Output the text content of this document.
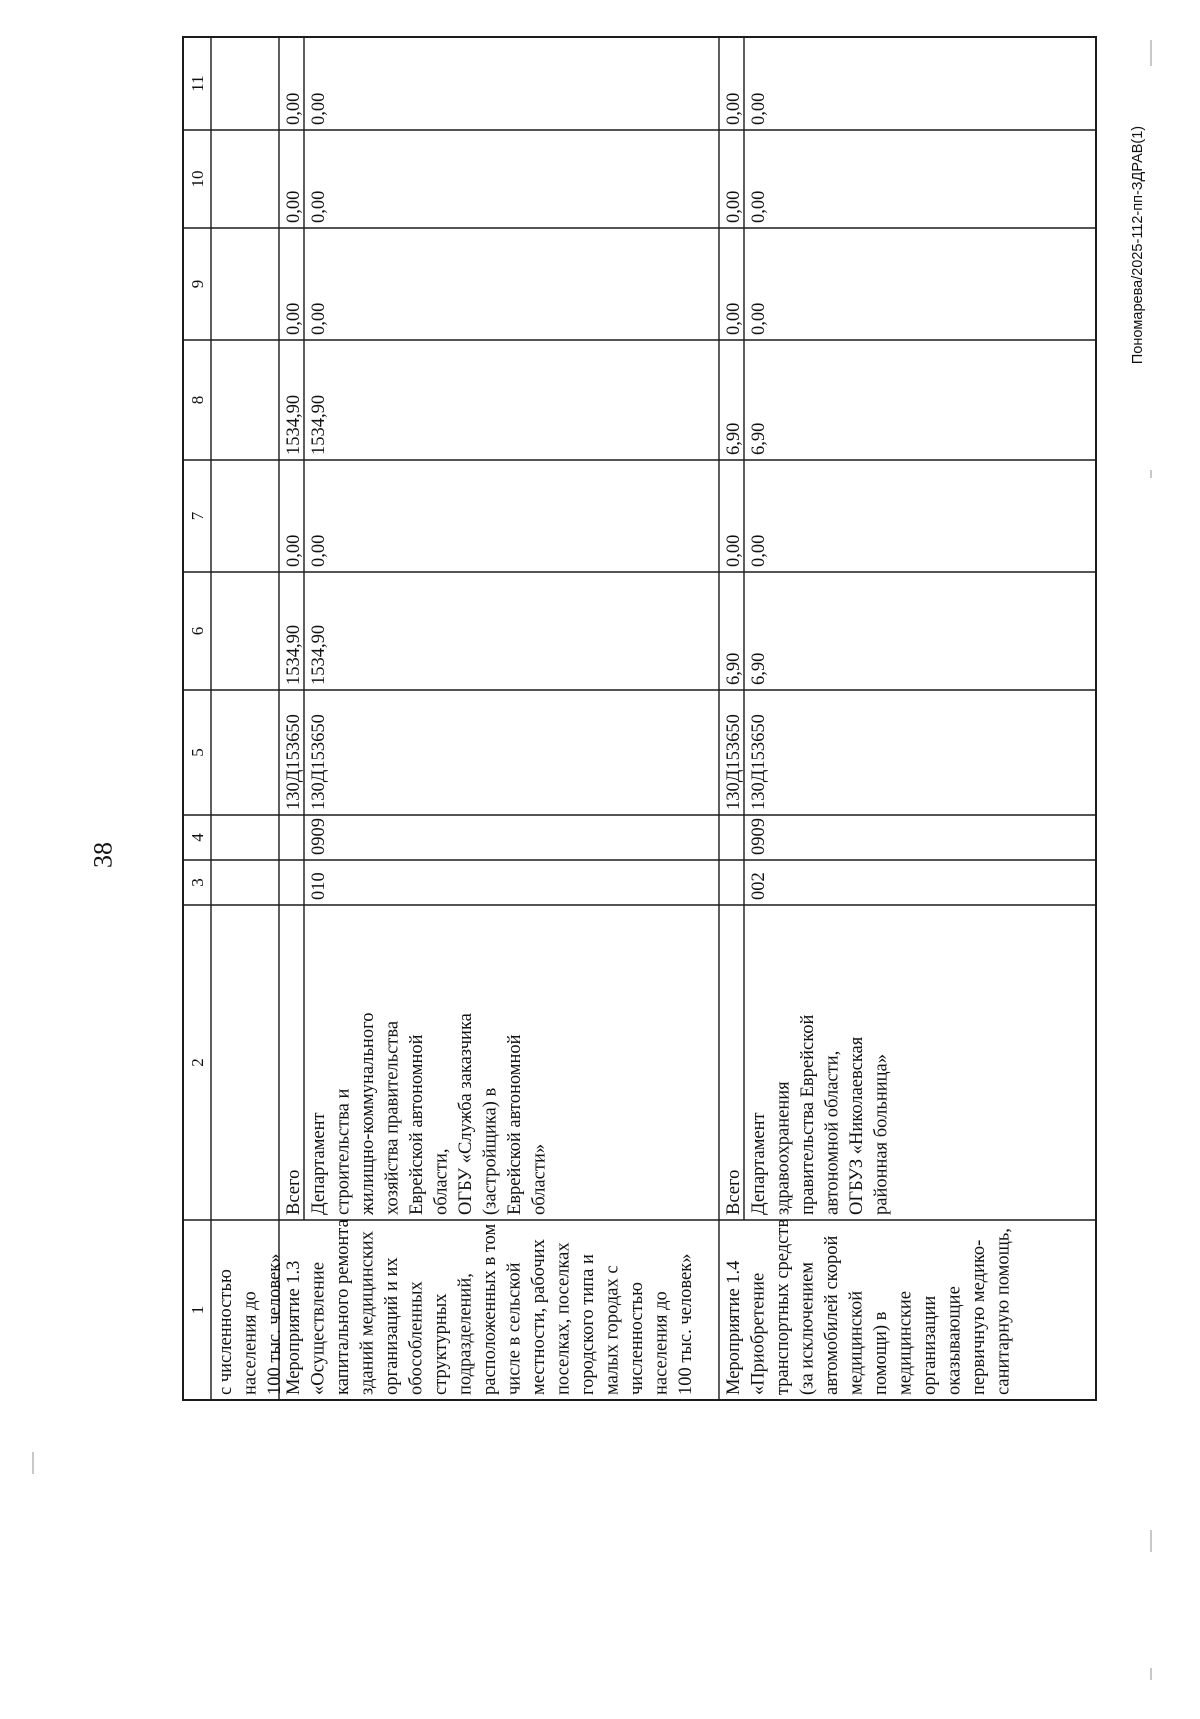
38
Пономарева/2025-112-пп-ЗДРАВ(1)
1
2
3
4
5
6
7
8
9
10
11
с численностью населения до 100 тыс. человек» Мероприятие 1.3 «Осуществление капитального ремонта зданий медицинских организаций и их обособленных структурных подразделений, расположенных в том числе в сельской местности, рабочих поселках, поселках городского типа и малых городах с численностью населения до 100 тыс. человек»
Всего
130Д153650
1534,90
0,00
1534,90
0,00
0,00
0,00
Департамент строительства и жилищно-коммунального хозяйства правительства Еврейской автономной области, ОГБУ «Служба заказчика (застройщика) в Еврейской автономной области»
010
0909
130Д153650
1534,90
0,00
1534,90
0,00
0,00
0,00
Мероприятие 1.4 «Приобретение транспортных средств (за исключением автомобилей скорой медицинской помощи) в медицинские организации оказывающие первичную медико- санитарную помощь,
Всего
130Д153650
6,90
0,00
6,90
0,00
0,00
0,00
Департамент здравоохранения правительства Еврейской автономной области, ОГБУЗ «Николаевская районная больница»
002
0909
130Д153650
6,90
0,00
6,90
0,00
0,00
0,00
